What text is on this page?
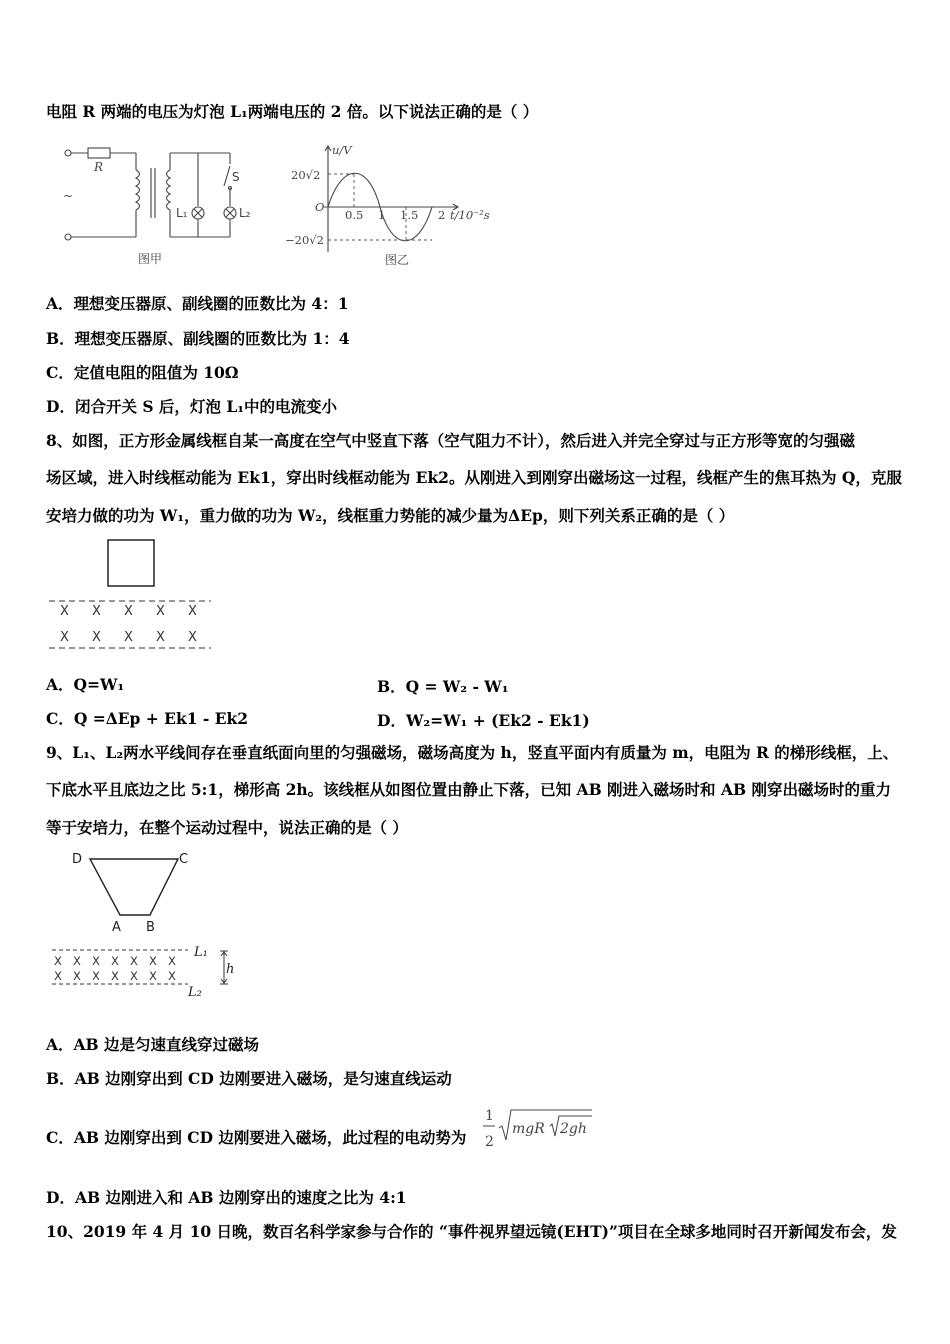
电阻 R 两端的电压为灯泡 L₁两端电压的 2 倍。以下说法正确的是（ ）
R
~
S
L₁	L₂
图甲
u/V
20√2
−20√2
O
0.5 1 1.5 2 t/10⁻²s
图乙
A．理想变压器原、副线圈的匝数比为 4：1
B．理想变压器原、副线圈的匝数比为 1：4
C．定值电阻的阻值为 10Ω
D．闭合开关 S 后，灯泡 L₁中的电流变小
8、如图，正方形金属线框自某一高度在空气中竖直下落（空气阻力不计），然后进入并完全穿过与正方形等宽的匀强磁
场区域，进入时线框动能为 Ek1，穿出时线框动能为 Ek2。从刚进入到刚穿出磁场这一过程，线框产生的焦耳热为 Q，克服
安培力做的功为 W₁，重力做的功为 W₂，线框重力势能的减少量为ΔEp，则下列关系正确的是（ ）
X X X X X
X X X X X
A．Q=W₁	B．Q = W₂ - W₁
C．Q =ΔEp + Ek1 - Ek2	D．W₂=W₁ + (Ek2 - Ek1)
9、L₁、L₂两水平线间存在垂直纸面向里的匀强磁场，磁场高度为 h，竖直平面内有质量为 m，电阻为 R 的梯形线框，上、
下底水平且底边之比 5:1，梯形高 2h。该线框从如图位置由静止下落，已知 AB 刚进入磁场时和 AB 刚穿出磁场时的重力
等于安培力，在整个运动过程中，说法正确的是（ ）
D	C
A B
X X X X X X X
X X X X X X X
L₁
L₂
h
A．AB 边是匀速直线穿过磁场
B．AB 边刚穿出到 CD 边刚要进入磁场，是匀速直线运动
C．AB 边刚穿出到 CD 边刚要进入磁场，此过程的电动势为
1
2
mgR 2gh
D．AB 边刚进入和 AB 边刚穿出的速度之比为 4:1
10、2019 年 4 月 10 日晚，数百名科学家参与合作的 “事件视界望远镜(EHT)”项目在全球多地同时召开新闻发布会，发
